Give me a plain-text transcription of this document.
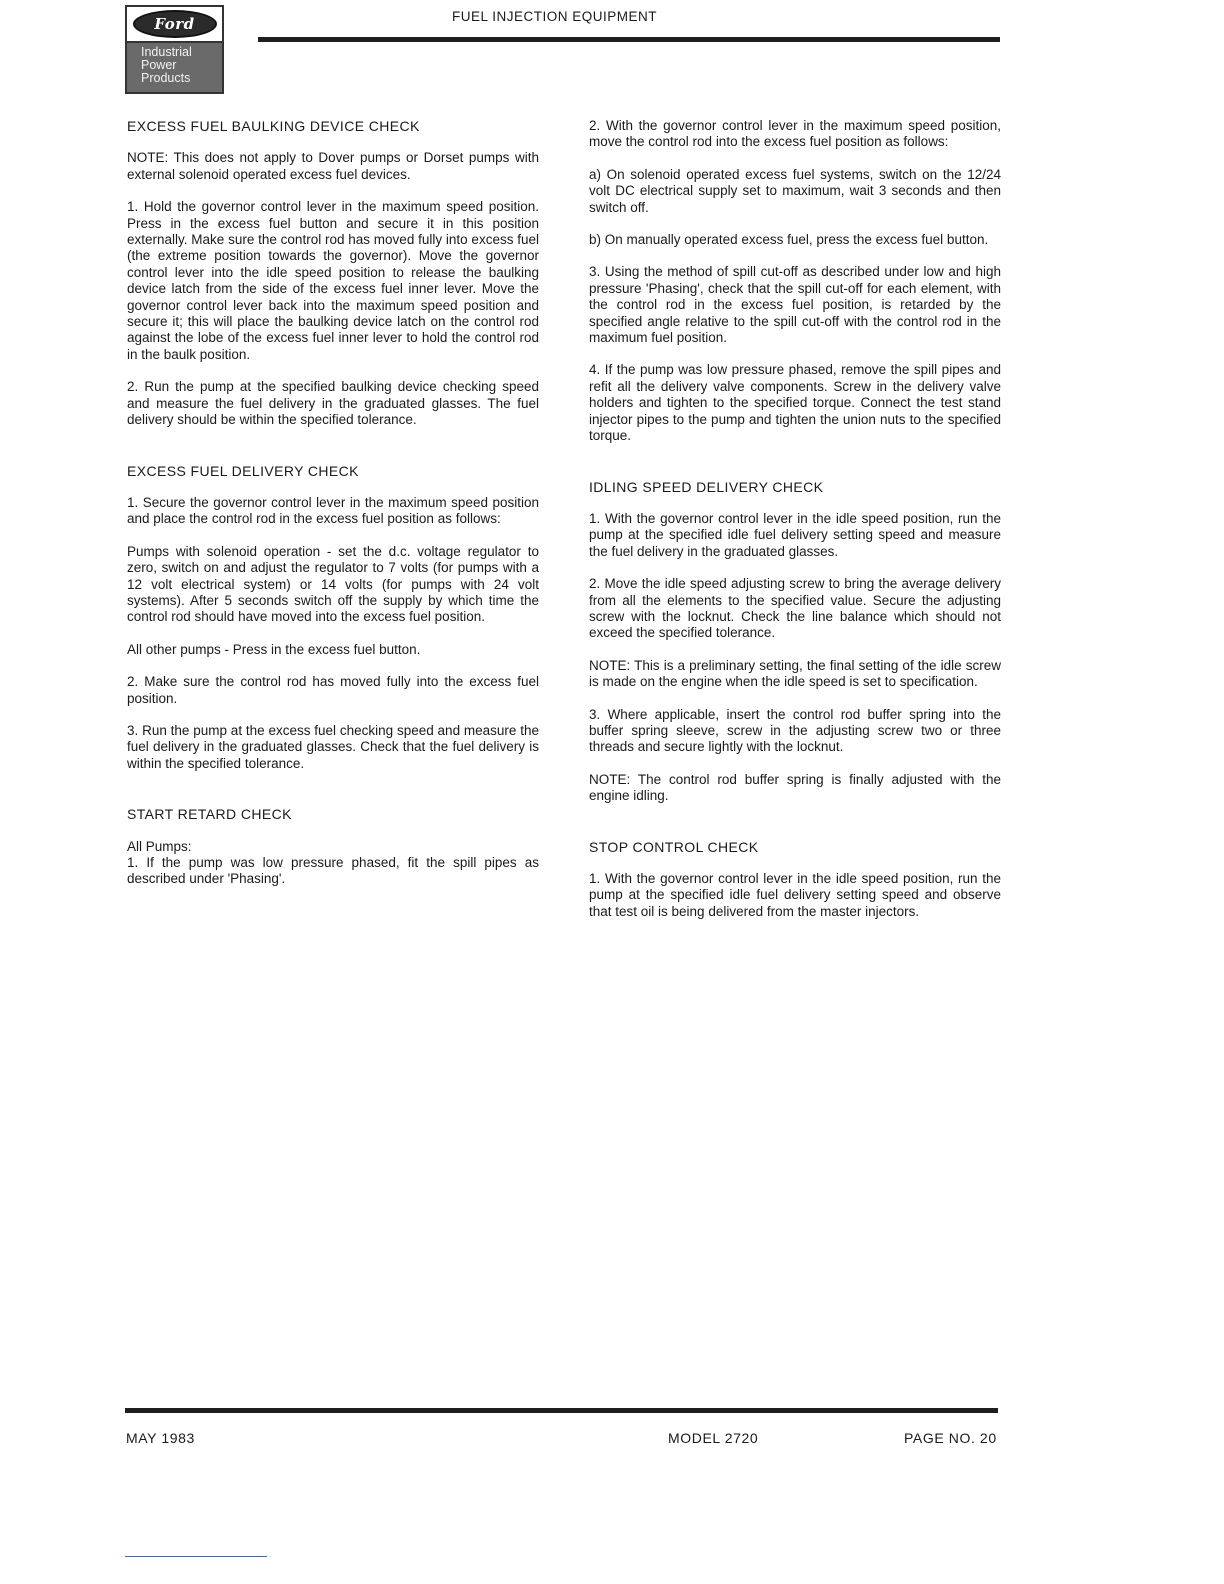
Ford
Industrial
Power
Products
FUEL INJECTION EQUIPMENT
EXCESS FUEL BAULKING DEVICE CHECK

NOTE: This does not apply to Dover pumps or Dorset pumps with external solenoid operated excess fuel devices.

1. Hold the governor control lever in the maximum speed position. Press in the excess fuel button and secure it in this position externally. Make sure the control rod has moved fully into excess fuel (the extreme position towards the governor). Move the governor control lever into the idle speed position to release the baulking device latch from the side of the excess fuel inner lever. Move the governor control lever back into the maximum speed position and secure it; this will place the baulking device latch on the control rod against the lobe of the excess fuel inner lever to hold the control rod in the baulk position.

2. Run the pump at the specified baulking device checking speed and measure the fuel delivery in the graduated glasses. The fuel delivery should be within the specified tolerance.

EXCESS FUEL DELIVERY CHECK

1. Secure the governor control lever in the maximum speed position and place the control rod in the excess fuel position as follows:

Pumps with solenoid operation - set the d.c. voltage regulator to zero, switch on and adjust the regulator to 7 volts (for pumps with a 12 volt electrical system) or 14 volts (for pumps with 24 volt systems). After 5 seconds switch off the supply by which time the control rod should have moved into the excess fuel position.

All other pumps - Press in the excess fuel button.

2. Make sure the control rod has moved fully into the excess fuel position.

3. Run the pump at the excess fuel checking speed and measure the fuel delivery in the graduated glasses. Check that the fuel delivery is within the specified tolerance.

START RETARD CHECK

All Pumps:

1. If the pump was low pressure phased, fit the spill pipes as described under 'Phasing'.

2. With the governor control lever in the maximum speed position, move the control rod into the excess fuel position as follows:

a) On solenoid operated excess fuel systems, switch on the 12/24 volt DC electrical supply set to maximum, wait 3 seconds and then switch off.

b) On manually operated excess fuel, press the excess fuel button.

3. Using the method of spill cut-off as described under low and high pressure 'Phasing', check that the spill cut-off for each element, with the control rod in the excess fuel position, is retarded by the specified angle relative to the spill cut-off with the control rod in the maximum fuel position.

4. If the pump was low pressure phased, remove the spill pipes and refit all the delivery valve components. Screw in the delivery valve holders and tighten to the specified torque. Connect the test stand injector pipes to the pump and tighten the union nuts to the specified torque.

IDLING SPEED DELIVERY CHECK

1. With the governor control lever in the idle speed position, run the pump at the specified idle fuel delivery setting speed and measure the fuel delivery in the graduated glasses.

2. Move the idle speed adjusting screw to bring the average delivery from all the elements to the specified value. Secure the adjusting screw with the locknut. Check the line balance which should not exceed the specified tolerance.

NOTE: This is a preliminary setting, the final setting of the idle screw is made on the engine when the idle speed is set to specification.

3. Where applicable, insert the control rod buffer spring into the buffer spring sleeve, screw in the adjusting screw two or three threads and secure lightly with the locknut.

NOTE: The control rod buffer spring is finally adjusted with the engine idling.

STOP CONTROL CHECK

1. With the governor control lever in the idle speed position, run the pump at the specified idle fuel delivery setting speed and observe that test oil is being delivered from the master injectors.

MAY 1983	MODEL 2720	PAGE NO. 20
